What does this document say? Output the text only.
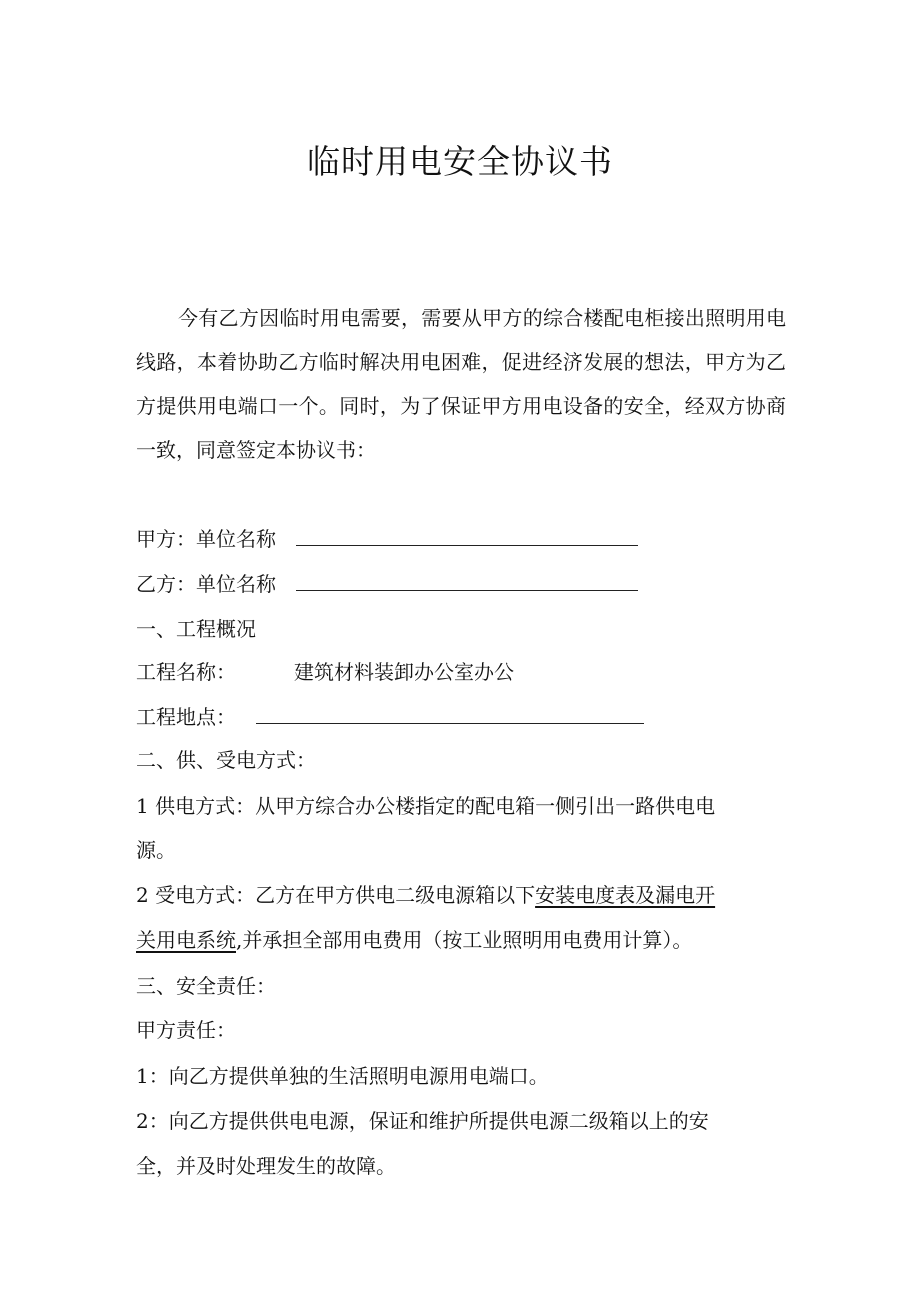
临时用电安全协议书
今有乙方因临时用电需要，需要从甲方的综合楼配电柜接出照明用电线路，本着协助乙方临时解决用电困难，促进经济发展的想法，甲方为乙方提供用电端口一个。同时，为了保证甲方用电设备的安全，经双方协商一致，同意签定本协议书：
甲方：单位名称
乙方：单位名称
一、工程概况
工程名称：	建筑材料装卸办公室办公
工程地点：
二、供、受电方式：
1 供电方式：从甲方综合办公楼指定的配电箱一侧引出一路供电电
源。
2 受电方式：乙方在甲方供电二级电源箱以下安装电度表及漏电开
关用电系统,并承担全部用电费用（按工业照明用电费用计算）。
三、安全责任：
甲方责任：
1：向乙方提供单独的生活照明电源用电端口。
2：向乙方提供供电电源，保证和维护所提供电源二级箱以上的安
全，并及时处理发生的故障。
